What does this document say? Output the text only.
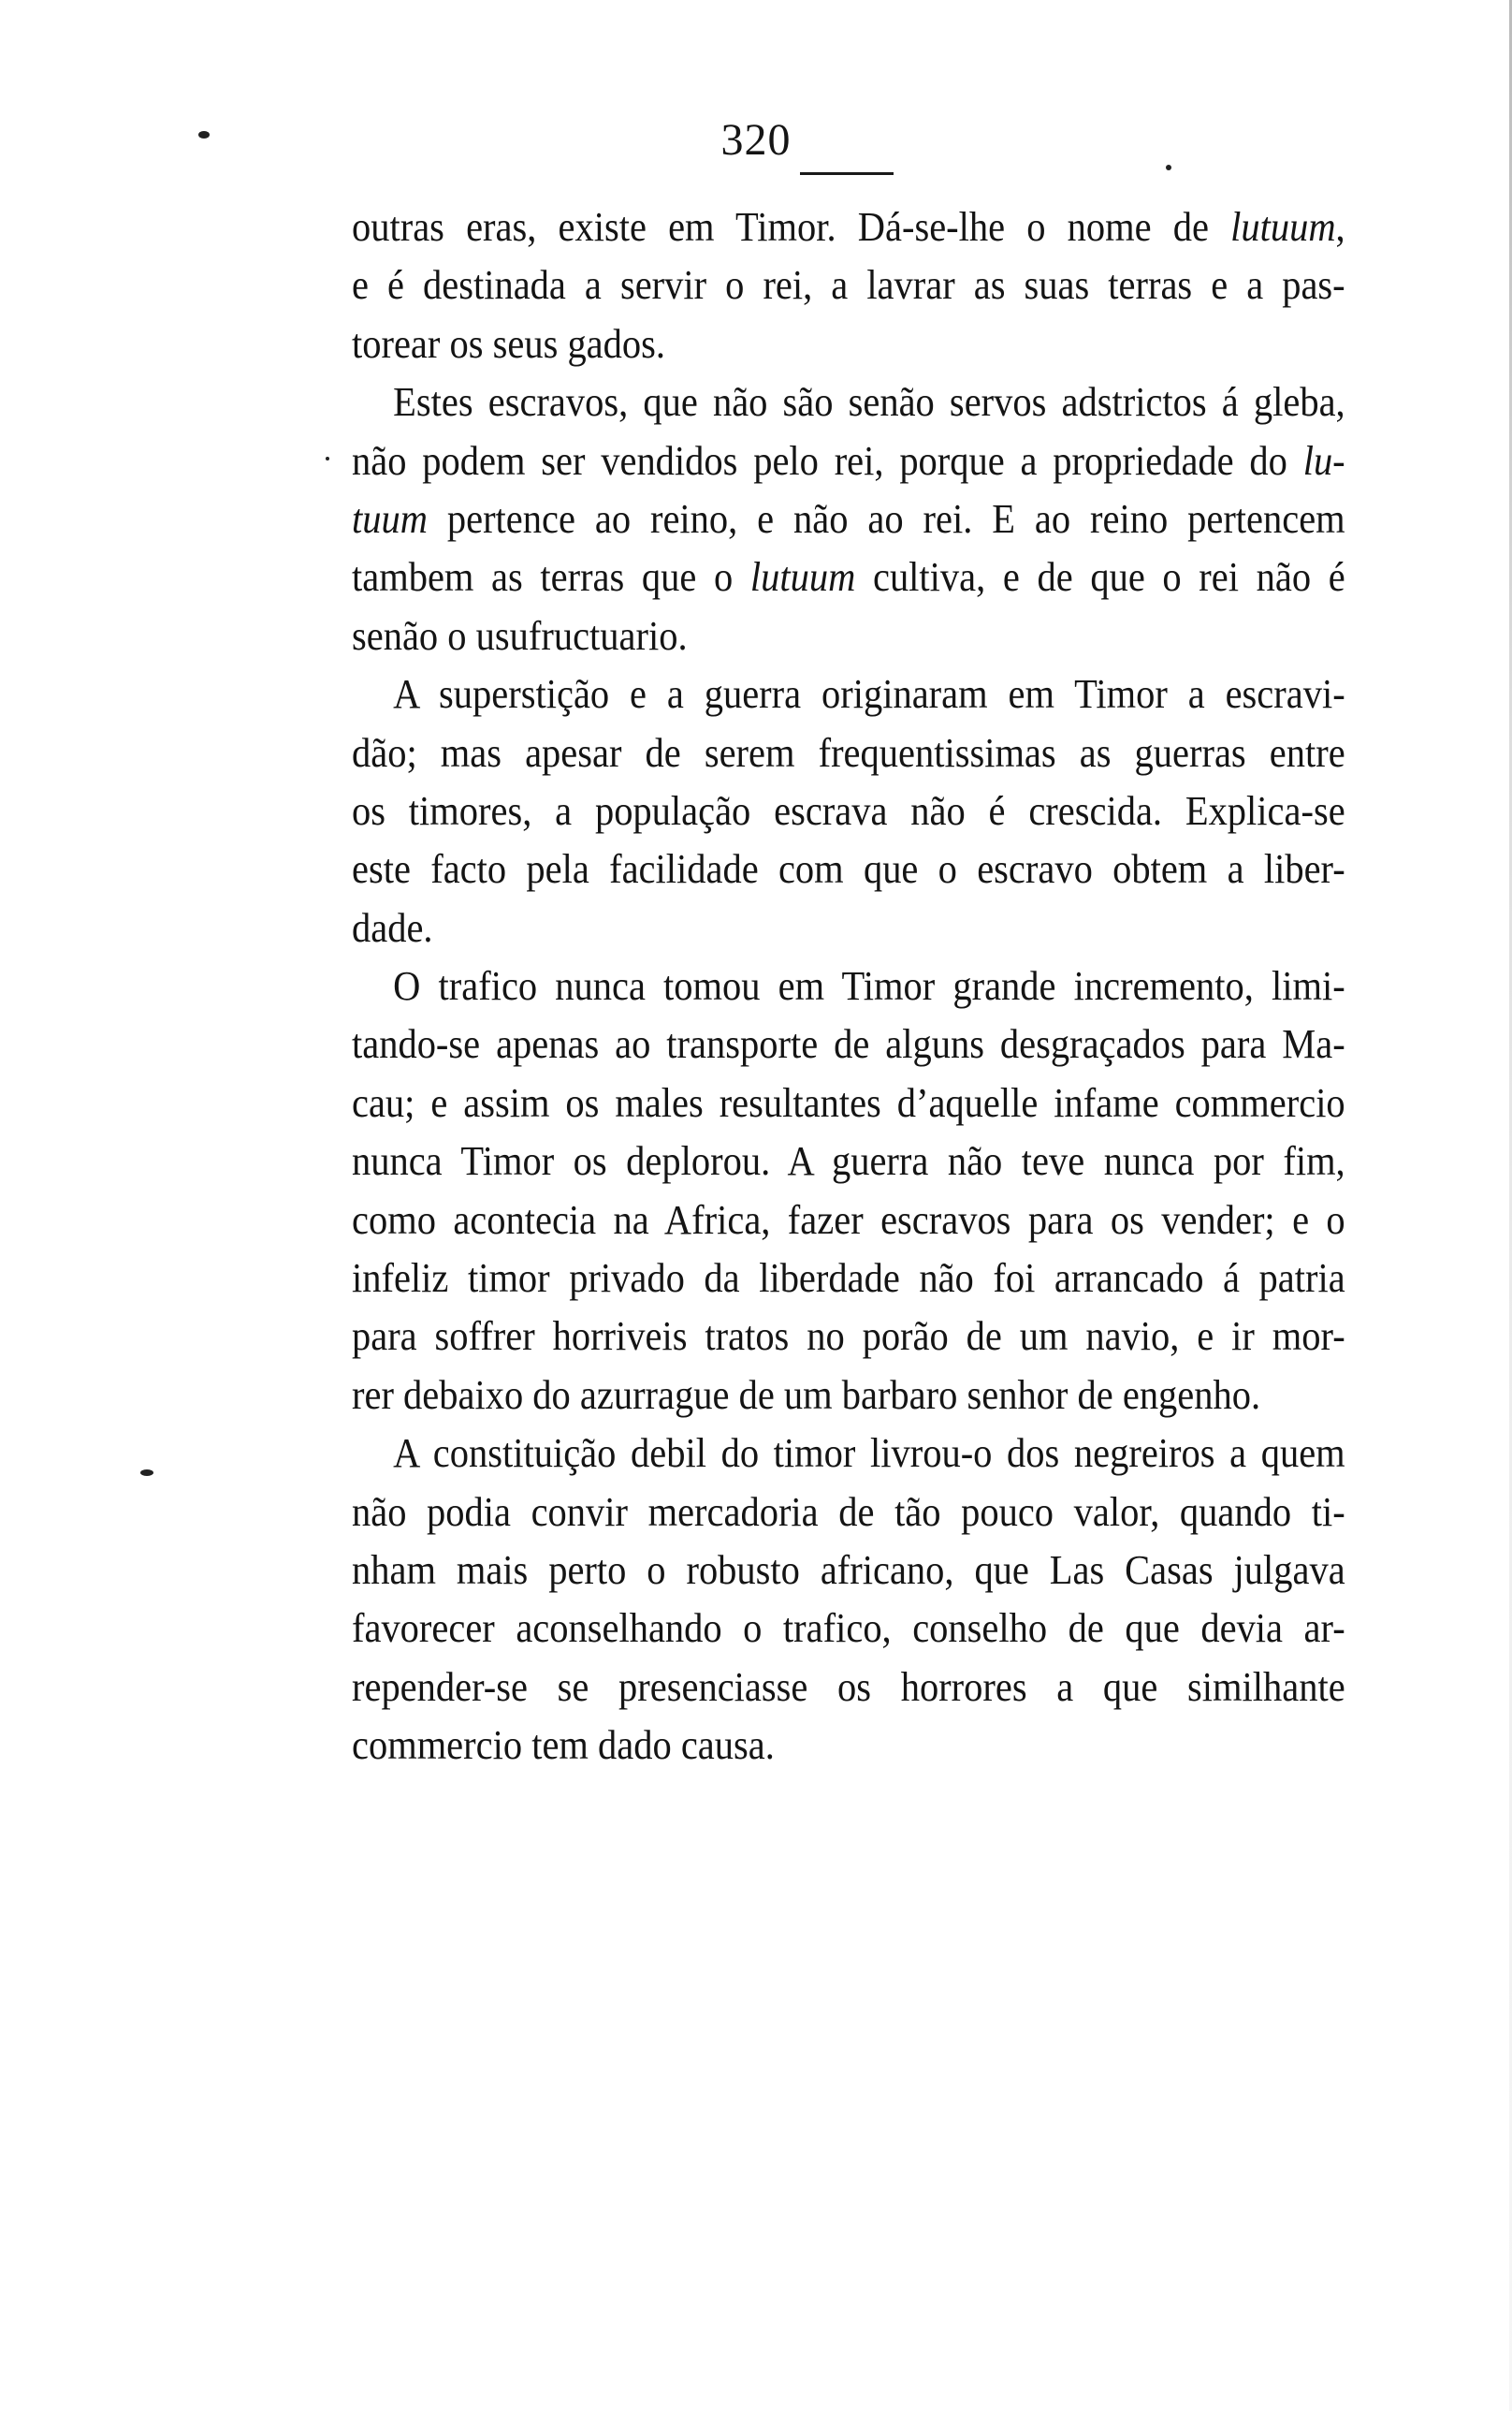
320
outras eras, existe em Timor. Dá-se-lhe o nome de lutuum,
e é destinada a servir o rei, a lavrar as suas terras e a pas-
torear os seus gados.
Estes escravos, que não são senão servos adstrictos á gleba,
não podem ser vendidos pelo rei, porque a propriedade do lu-
tuum pertence ao reino, e não ao rei. E ao reino pertencem
tambem as terras que o lutuum cultiva, e de que o rei não é
senão o usufructuario.
A superstição e a guerra originaram em Timor a escravi-
dão; mas apesar de serem frequentissimas as guerras entre
os timores, a população escrava não é crescida. Explica-se
este facto pela facilidade com que o escravo obtem a liber-
dade.
O trafico nunca tomou em Timor grande incremento, limi-
tando-se apenas ao transporte de alguns desgraçados para Ma-
cau; e assim os males resultantes d’aquelle infame commercio
nunca Timor os deplorou. A guerra não teve nunca por fim,
como acontecia na Africa, fazer escravos para os vender; e o
infeliz timor privado da liberdade não foi arrancado á patria
para soffrer horriveis tratos no porão de um navio, e ir mor-
rer debaixo do azurrague de um barbaro senhor de engenho.
A constituição debil do timor livrou-o dos negreiros a quem
não podia convir mercadoria de tão pouco valor, quando ti-
nham mais perto o robusto africano, que Las Casas julgava
favorecer aconselhando o trafico, conselho de que devia ar-
repender-se se presenciasse os horrores a que similhante
commercio tem dado causa.
